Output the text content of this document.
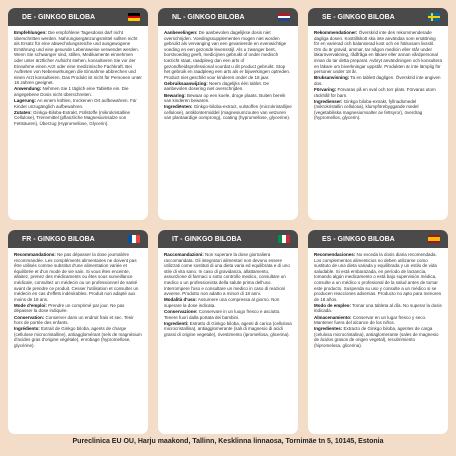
DE - GINKGO BILOBA

Empfehlungen: Die empfohlene Tagesdosis darf nicht überschritten werden. Nahrungsergänzungsmittel sollten nicht als Ersatz für eine abwechslungsreiche und ausgewogene Ernährung und eine gesunde Lebensweise verwendet werden. Wenn Sie schwanger sind, stillen, Medikamente einnehmen oder unter ärztlicher Aufsicht stehen, konsultieren Sie vor der Einnahme einen Arzt oder eine medizinische Fachkraft. Bei Auftreten von Nebenwirkungen die Einnahme abbrechen und einen Arzt konsultieren. Das Produkt ist nicht für Personen unter 18 Jahren geeignet.

Anwendung: Nehmen Sie 1 täglich eine Tablette ein. Die angegebene Dosis nicht überschreiten.

Lagerung: An einem kühlen, trockenen Ort aufbewahren. Für Kinder unzugänglich aufbewahren.

Zutaten: Ginkgo-Biloba-Extrakt, Füllstoffe (mikrokristalline Cellulose), Trennmittel (pflanzliche Magnesiumsalze von Fettsäuren), Überzug (Hypromellose, Glycerin).

NL - GINKGO BILOBA

Aanbevelingen: De aanbevolen dagelijkse dosis niet overschrijden. Voedingssupplementen mogen niet worden gebruikt als vervanging van een gevarieerde en evenwichtige voeding en een gezonde levensstijl. Als u zwanger bent, borstvoeding geeft, medicijnen gebruikt of onder medisch toezicht staat, raadpleeg dan een arts of gezondheidsprofessional voordat u dit product gebruikt. Stop het gebruik en raadpleeg een arts als er bijwerkingen optreden. Product niet geschikt voor kinderen onder de 18 jaar.

Gebruiksaanwijzing: Neem dagelijks één tablet. De aanbevolen dosering niet overschrijden.

Bewaring: Bewaar op een koele, droge plaats. Buiten bereik van kinderen bewaren.

Ingrediënten: Ginkgo-biloba-extract, vulstoffen (microkristallijne cellulose), antiklontermiddel (magnesiumzouten van vetzuren van plantaardige oorsprong), coating (hypromellose, glycerine).

SE - GINKGO BILOBA

Rekommendationer: Överskrid inte den rekommenderade dagliga dosen. Kosttillskott ska inte användas som ersättning för en varierad och balanserad kost och en hälsosam livsstil. Om du är gravid, ammar, tar någon medicin eller står under läkarövervakning, rådfråga en läkare eller annan vårdpersonal innan du tar detta preparat. Avbryt användningen och konsultera en läkare om biverkningar uppstår. Produkten är inte lämplig för personer under 18 år.

Bruksanvisning: Ta en tablett dagligen. Överskrid inte angiven dos.

Förvaring: Förvaras på en sval och torr plats. Förvaras utom räckhåll för barn.

Ingredienser: Ginkgo biloba-extrakt, fyllnadsmedel (mikrokristallin cellulosa), klumpförebyggande medel (vegetabiliska magnesiumsalter av fettsyror), överdrag (hypromellos, glycerin).

FR - GINKGO BILOBA

Recommandations: Ne pas dépasser la dose journalière recommandée. Les compléments alimentaires ne doivent pas être utilisés comme substitut d'une alimentation variée et équilibrée et d'un mode de vie sain. Si vous êtes enceinte, allaitez, prenez des médicaments ou êtes sous surveillance médicale, consultez un médecin ou un professionnel de santé avant de prendre ce produit. Cesser l'utilisation et consulter un médecin en cas d'effets indésirables. Produit non adapté aux moins de 18 ans.

Mode d'emploi: Prendre un comprimé par jour. Ne pas dépasser la dose indiquée.

Conservation: Conserver dans un endroit frais et sec. Tenir hors de portée des enfants.

Ingrédients: Extrait de Ginkgo biloba, agents de charge (cellulose microcristalline), antiagglomérant (sels de magnésium d'acides gras d'origine végétale), enrobage (hypromellose, glycérine).

IT - GINKGO BILOBA

Raccomandazioni: Non superare la dose giornaliera raccomandata. Gli integratori alimentari non devono essere utilizzati come sostituti di una dieta varia ed equilibrata e di uno stile di vita sano. In caso di gravidanza, allattamento, assunzione di farmaci o sotto controllo medico, consultare un medico o un professionista della salute prima dell'uso. Interrompere l'uso e consultare un medico in caso di reazioni avverse. Prodotto non adatto a minori di 18 anni.

Modalità d'uso: Assumere una compressa al giorno. Non superare la dose indicata.

Conservazione: Conservare in un luogo fresco e asciutto. Tenere fuori dalla portata dei bambini.

Ingredienti: Estratto di Ginkgo biloba, agenti di carica (cellulosa microcristallina), antiagglomerante (sali di magnesio di acidi grassi di origine vegetale), rivestimento (ipromellosa, glicerina).

ES - GINKGO BILOBA

Recomendaciones: No exceda la dosis diaria recomendada. Los complementos alimenticios no deben utilizarse como sustituto de una dieta variada y equilibrada y un estilo de vida saludable. Si está embarazada, en período de lactancia, tomando algún medicamento o está bajo supervisión médica, consulte a un médico o profesional de la salud antes de tomar este producto. Suspenda su uso y consulte a un médico si se producen reacciones adversas. Producto no apto para menores de 18 años.

Modo de empleo: Tomar una tableta al día. No superar la dosis indicada.

Almacenamiento: Conservar en un lugar fresco y seco. Mantener fuera del alcance de los niños.

Ingredientes: Extracto de Ginkgo biloba, agentes de carga (celulosa microcristalina), antiaglomerante (sales de magnesio de ácidos grasos de origen vegetal), recubrimiento (hipromelosa, glicerina).

Pureclinica EU OU, Harju maakond, Tallinn, Kesklinna linnaosa, Tornimäe tn 5, 10145, Estonia
